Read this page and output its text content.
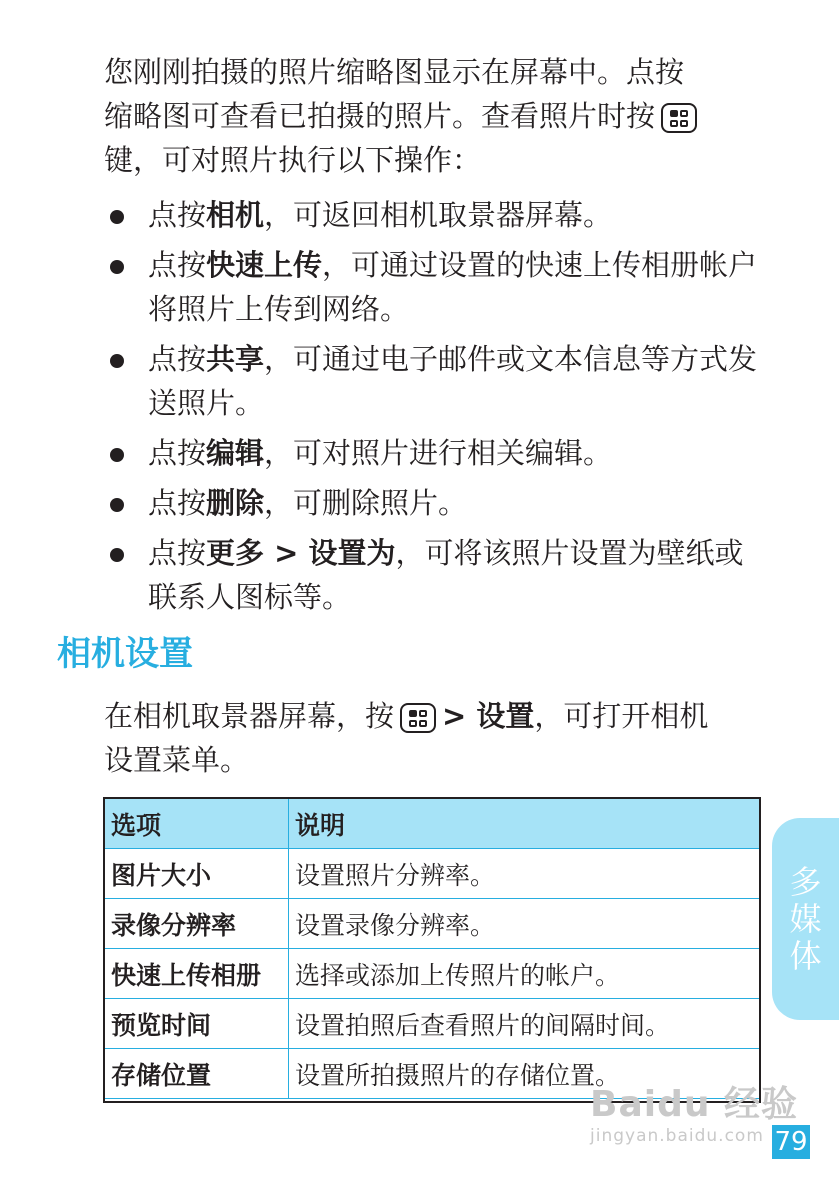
您刚刚拍摄的照片缩略图显示在屏幕中。点按
缩略图可查看已拍摄的照片。查看照片时按
键，可对照片执行以下操作：
点按相机，可返回相机取景器屏幕。
点按快速上传，可通过设置的快速上传相册帐户将照片上传到网络。
点按共享，可通过电子邮件或文本信息等方式发送照片。
点按编辑，可对照片进行相关编辑。
点按删除，可删除照片。
点按更多 > 设置为，可将该照片设置为壁纸或联系人图标等。
相机设置
在相机取景器屏幕，按 > 设置，可打开相机
设置菜单。
选项	说明
图片大小	设置照片分辨率。
录像分辨率	设置录像分辨率。
快速上传相册	选择或添加上传照片的帐户。
预览时间	设置拍照后查看照片的间隔时间。
存储位置	设置所拍摄照片的存储位置。
多
媒
体
Baidu 经验
jingyan.baidu.com 79
